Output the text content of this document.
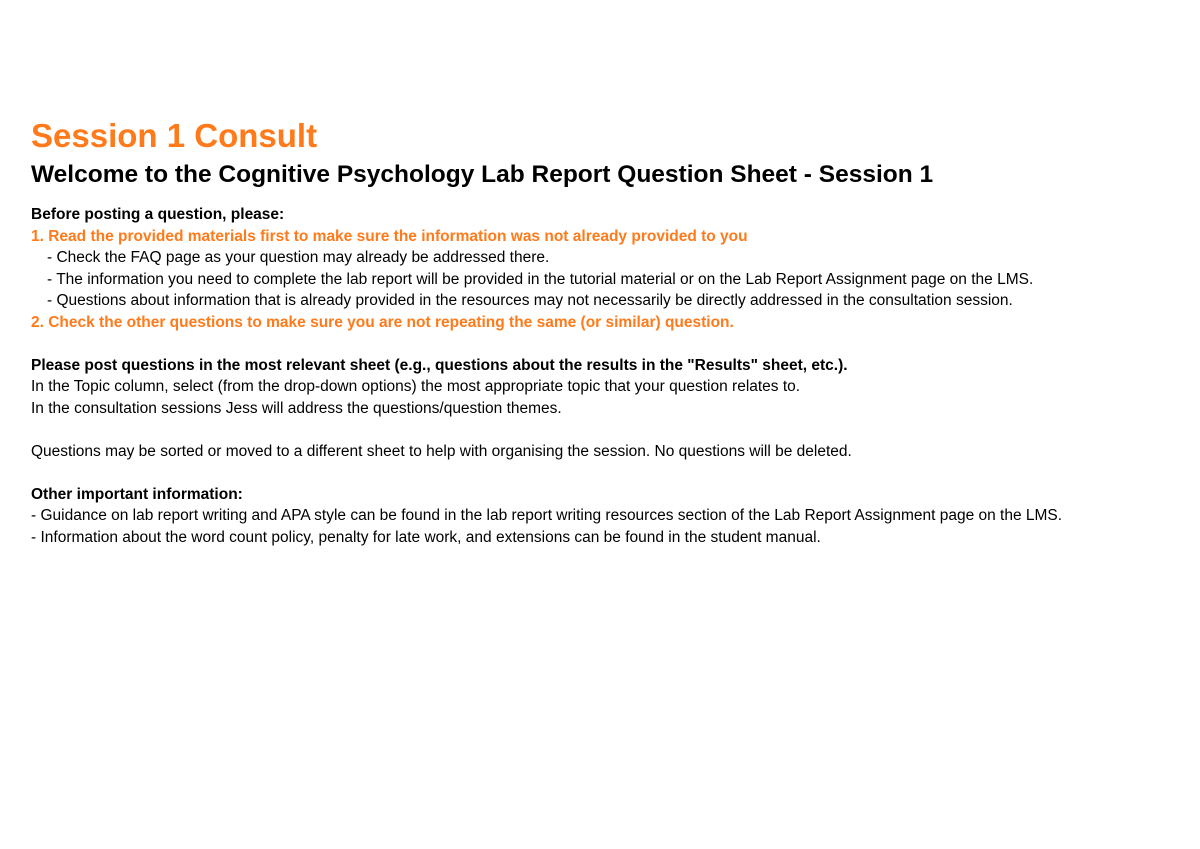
Session 1 Consult
Welcome to the Cognitive Psychology Lab Report Question Sheet - Session 1

Before posting a question, please:

1. Read the provided materials first to make sure the information was not already provided to you

- Check the FAQ page as your question may already be addressed there.

- The information you need to complete the lab report will be provided in the tutorial material or on the Lab Report Assignment page on the LMS.

- Questions about information that is already provided in the resources may not necessarily be directly addressed in the consultation session.

2. Check the other questions to make sure you are not repeating the same (or similar) question.

Please post questions in the most relevant sheet (e.g., questions about the results in the "Results" sheet, etc.).

In the Topic column, select (from the drop-down options) the most appropriate topic that your question relates to.

In the consultation sessions Jess will address the questions/question themes.

Questions may be sorted or moved to a different sheet to help with organising the session. No questions will be deleted.

Other important information:

- Guidance on lab report writing and APA style can be found in the lab report writing resources section of the Lab Report Assignment page on the LMS.

- Information about the word count policy, penalty for late work, and extensions can be found in the student manual.
